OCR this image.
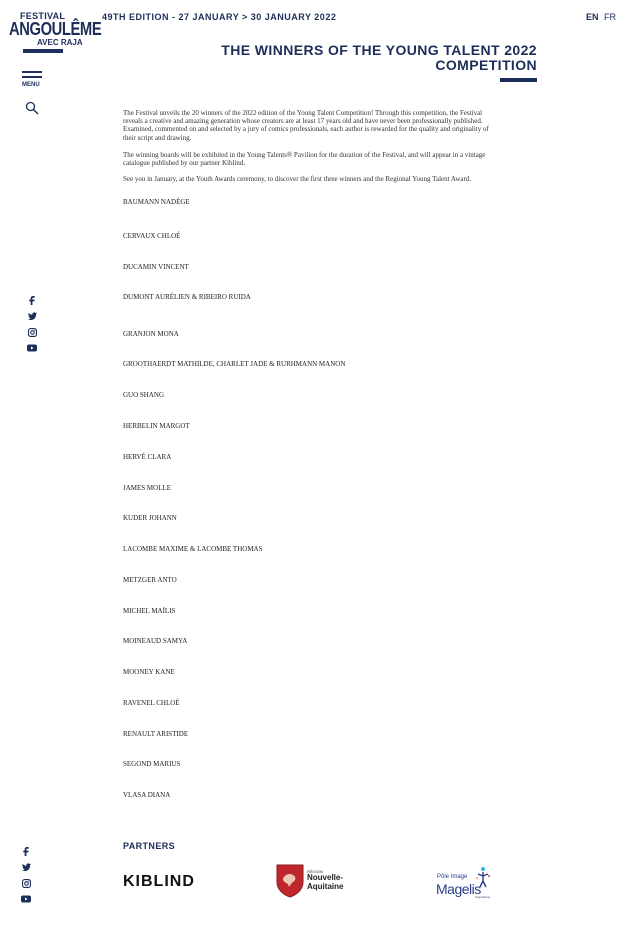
FESTIVAL
ANGOULÊME
AVEC RAJA
49TH EDITION - 27 JANUARY > 30 JANUARY 2022	EN FR
MENU
THE WINNERS OF THE YOUNG TALENT 2022 COMPETITION

The Festival unveils the 20 winners of the 2022 edition of the Young Talent Competition! Through this competition, the Festival reveals a creative and amazing generation whose creators are at least 17 years old and have never been professionally published. Examined, commented on and selected by a jury of comics professionals, each author is rewarded for the quality and originality of their script and drawing.

The winning boards will be exhibited in the Young Talents® Pavilion for the duration of the Festival, and will appear in a vintage catalogue published by our partner Kiblind.

See you in January, at the Youth Awards ceremony, to discover the first three winners and the Regional Young Talent Award.

BAUMANN NADÈGE
CERVAUX CHLOÉ
DUCAMIN VINCENT
DUMONT AURÉLIEN & RIBEIRO RUIDA
GRANJON MONA
GROOTHAERDT MATHILDE, CHARLET JADE & RURHMANN MANON
GUO SHANG
HERBELIN MARGOT
HERVÉ CLARA
JAMES MOLLE
KUDER JOHANN
LACOMBE MAXIME & LACOMBE THOMAS
METZGER ANTO
MICHEL MAÏLIS
MOINEAUD SAMYA
MOONEY KANE
RAVENEL CHLOÉ
RENAULT ARISTIDE
SEGOND MARIUS
VLASA DIANA
PARTNERS
KIBLIND
RÉGION
Nouvelle-
Aquitaine
Pôle Image
Magelis
Angoulême
